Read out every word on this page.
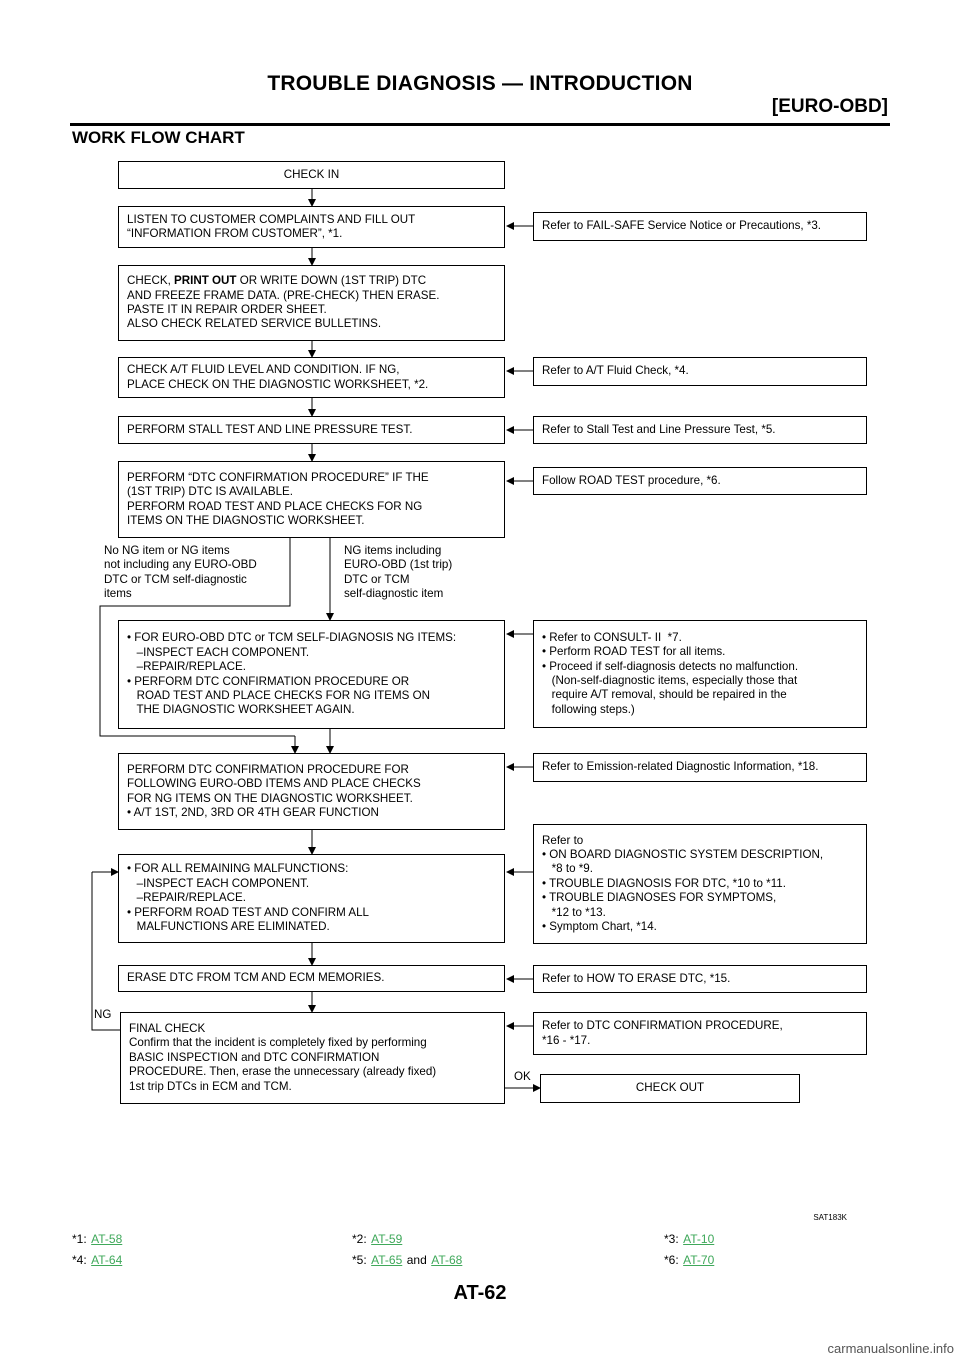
TROUBLE DIAGNOSIS — INTRODUCTION
[EURO-OBD]
WORK FLOW CHART
CHECK IN
LISTEN TO CUSTOMER COMPLAINTS AND FILL OUT
“INFORMATION FROM CUSTOMER”, *1.
CHECK, PRINT OUT OR WRITE DOWN (1ST TRIP) DTC
AND FREEZE FRAME DATA. (PRE-CHECK) THEN ERASE.
PASTE IT IN REPAIR ORDER SHEET.
ALSO CHECK RELATED SERVICE BULLETINS.
CHECK A/T FLUID LEVEL AND CONDITION. IF NG,
PLACE CHECK ON THE DIAGNOSTIC WORKSHEET, *2.
PERFORM STALL TEST AND LINE PRESSURE TEST.
PERFORM “DTC CONFIRMATION PROCEDURE” IF THE
(1ST TRIP) DTC IS AVAILABLE.
PERFORM ROAD TEST AND PLACE CHECKS FOR NG
ITEMS ON THE DIAGNOSTIC WORKSHEET.
No NG item or NG items
not including any EURO-OBD
DTC or TCM self-diagnostic
items
NG items including
EURO-OBD (1st trip)
DTC or TCM
self-diagnostic item
• FOR EURO-OBD DTC or TCM SELF-DIAGNOSIS NG ITEMS:
–INSPECT EACH COMPONENT.
–REPAIR/REPLACE.
• PERFORM DTC CONFIRMATION PROCEDURE OR
ROAD TEST AND PLACE CHECKS FOR NG ITEMS ON
THE DIAGNOSTIC WORKSHEET AGAIN.
PERFORM DTC CONFIRMATION PROCEDURE FOR
FOLLOWING EURO-OBD ITEMS AND PLACE CHECKS
FOR NG ITEMS ON THE DIAGNOSTIC WORKSHEET.
• A/T 1ST, 2ND, 3RD OR 4TH GEAR FUNCTION
• FOR ALL REMAINING MALFUNCTIONS:
–INSPECT EACH COMPONENT.
–REPAIR/REPLACE.
• PERFORM ROAD TEST AND CONFIRM ALL
MALFUNCTIONS ARE ELIMINATED.
ERASE DTC FROM TCM AND ECM MEMORIES.
FINAL CHECK
Confirm that the incident is completely fixed by performing
BASIC INSPECTION and DTC CONFIRMATION
PROCEDURE. Then, erase the unnecessary (already fixed)
1st trip DTCs in ECM and TCM.	CHECK OUT
NG
OK
Refer to FAIL-SAFE Service Notice or Precautions, *3.
Refer to A/T Fluid Check, *4.
Refer to Stall Test and Line Pressure Test, *5.
Follow ROAD TEST procedure, *6.
• Refer to CONSULT- II  *7.
• Perform ROAD TEST for all items.
• Proceed if self-diagnosis detects no malfunction.
(Non-self-diagnostic items, especially those that
require A/T removal, should be repaired in the
following steps.)
Refer to Emission-related Diagnostic Information, *18.
Refer to
• ON BOARD DIAGNOSTIC SYSTEM DESCRIPTION,
*8 to *9.
• TROUBLE DIAGNOSIS FOR DTC, *10 to *11.
• TROUBLE DIAGNOSES FOR SYMPTOMS,
*12 to *13.
• Symptom Chart, *14.
Refer to HOW TO ERASE DTC, *15.
Refer to DTC CONFIRMATION PROCEDURE,
*16 - *17.
SAT183K
*1: AT-58	*2: AT-59	*3: AT-10
*4: AT-64	*5: AT-65 and AT-68	*6: AT-70
AT-62
carmanualsonline.info
